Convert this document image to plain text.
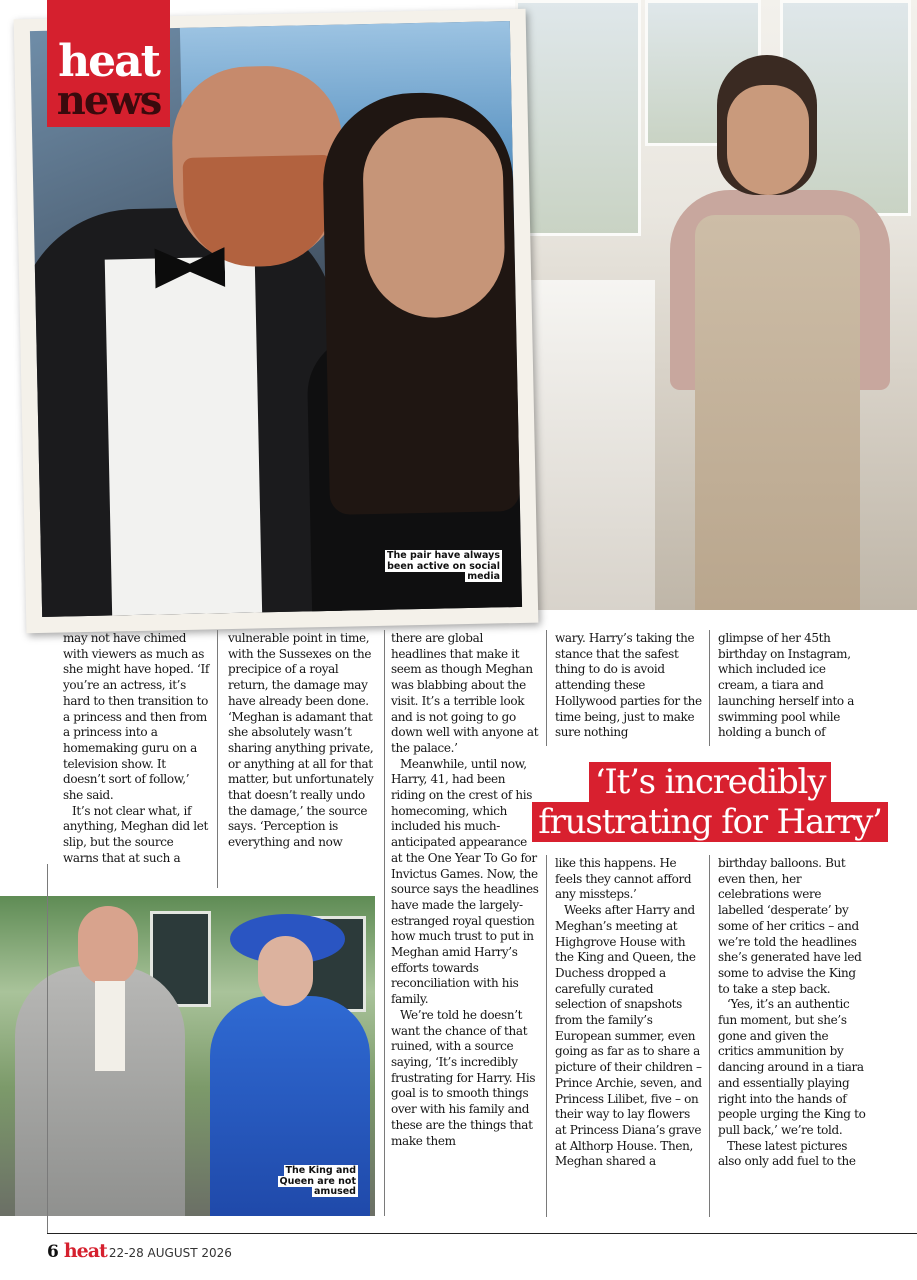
The pair have always been active on social media
heat
news
The King and Queen are not amused

may not have chimed with viewers as much as she might have hoped. ‘If you’re an actress, it’s hard to then transition to a princess and then from a princess into a homemaking guru on a television show. It doesn’t sort of follow,’ she said.

It’s not clear what, if anything, Meghan did let slip, but the source warns that at such a

vulnerable point in time, with the Sussexes on the precipice of a royal return, the damage may have already been done. ‘Meghan is adamant that she absolutely wasn’t sharing anything private, or anything at all for that matter, but unfortunately that doesn’t really undo the damage,’ the source says. ‘Perception is everything and now

there are global headlines that make it seem as though Meghan was blabbing about the visit. It’s a terrible look and is not going to go down well with anyone at the palace.’

Meanwhile, until now, Harry, 41, had been riding on the crest of his homecoming, which included his much-anticipated appearance at the One Year To Go for Invictus Games. Now, the source says the headlines have made the largely-estranged royal question how much trust to put in Meghan amid Harry’s efforts towards reconciliation with his family.

We’re told he doesn’t want the chance of that ruined, with a source saying, ‘It’s incredibly frustrating for Harry. His goal is to smooth things over with his family and these are the things that make them

wary. Harry’s taking the stance that the safest thing to do is avoid attending these Hollywood parties for the time being, just to make sure nothing

like this happens. He feels they cannot afford any missteps.’

Weeks after Harry and Meghan’s meeting at Highgrove House with the King and Queen, the Duchess dropped a carefully curated selection of snapshots from the family’s European summer, even going as far as to share a picture of their children – Prince Archie, seven, and Princess Lilibet, five – on their way to lay flowers at Princess Diana’s grave at Althorp House. Then, Meghan shared a

glimpse of her 45th birthday on Instagram, which included ice cream, a tiara and launching herself into a swimming pool while holding a bunch of

birthday balloons. But even then, her celebrations were labelled ‘desperate’ by some of her critics – and we’re told the headlines she’s generated have led some to advise the King to take a step back.

‘Yes, it’s an authentic fun moment, but she’s gone and given the critics ammunition by dancing around in a tiara and essentially playing right into the hands of people urging the King to pull back,’ we’re told.

These latest pictures also only add fuel to the

‘It’s incredibly
frustrating for Harry’
6 heat 22-28 AUGUST 2026
